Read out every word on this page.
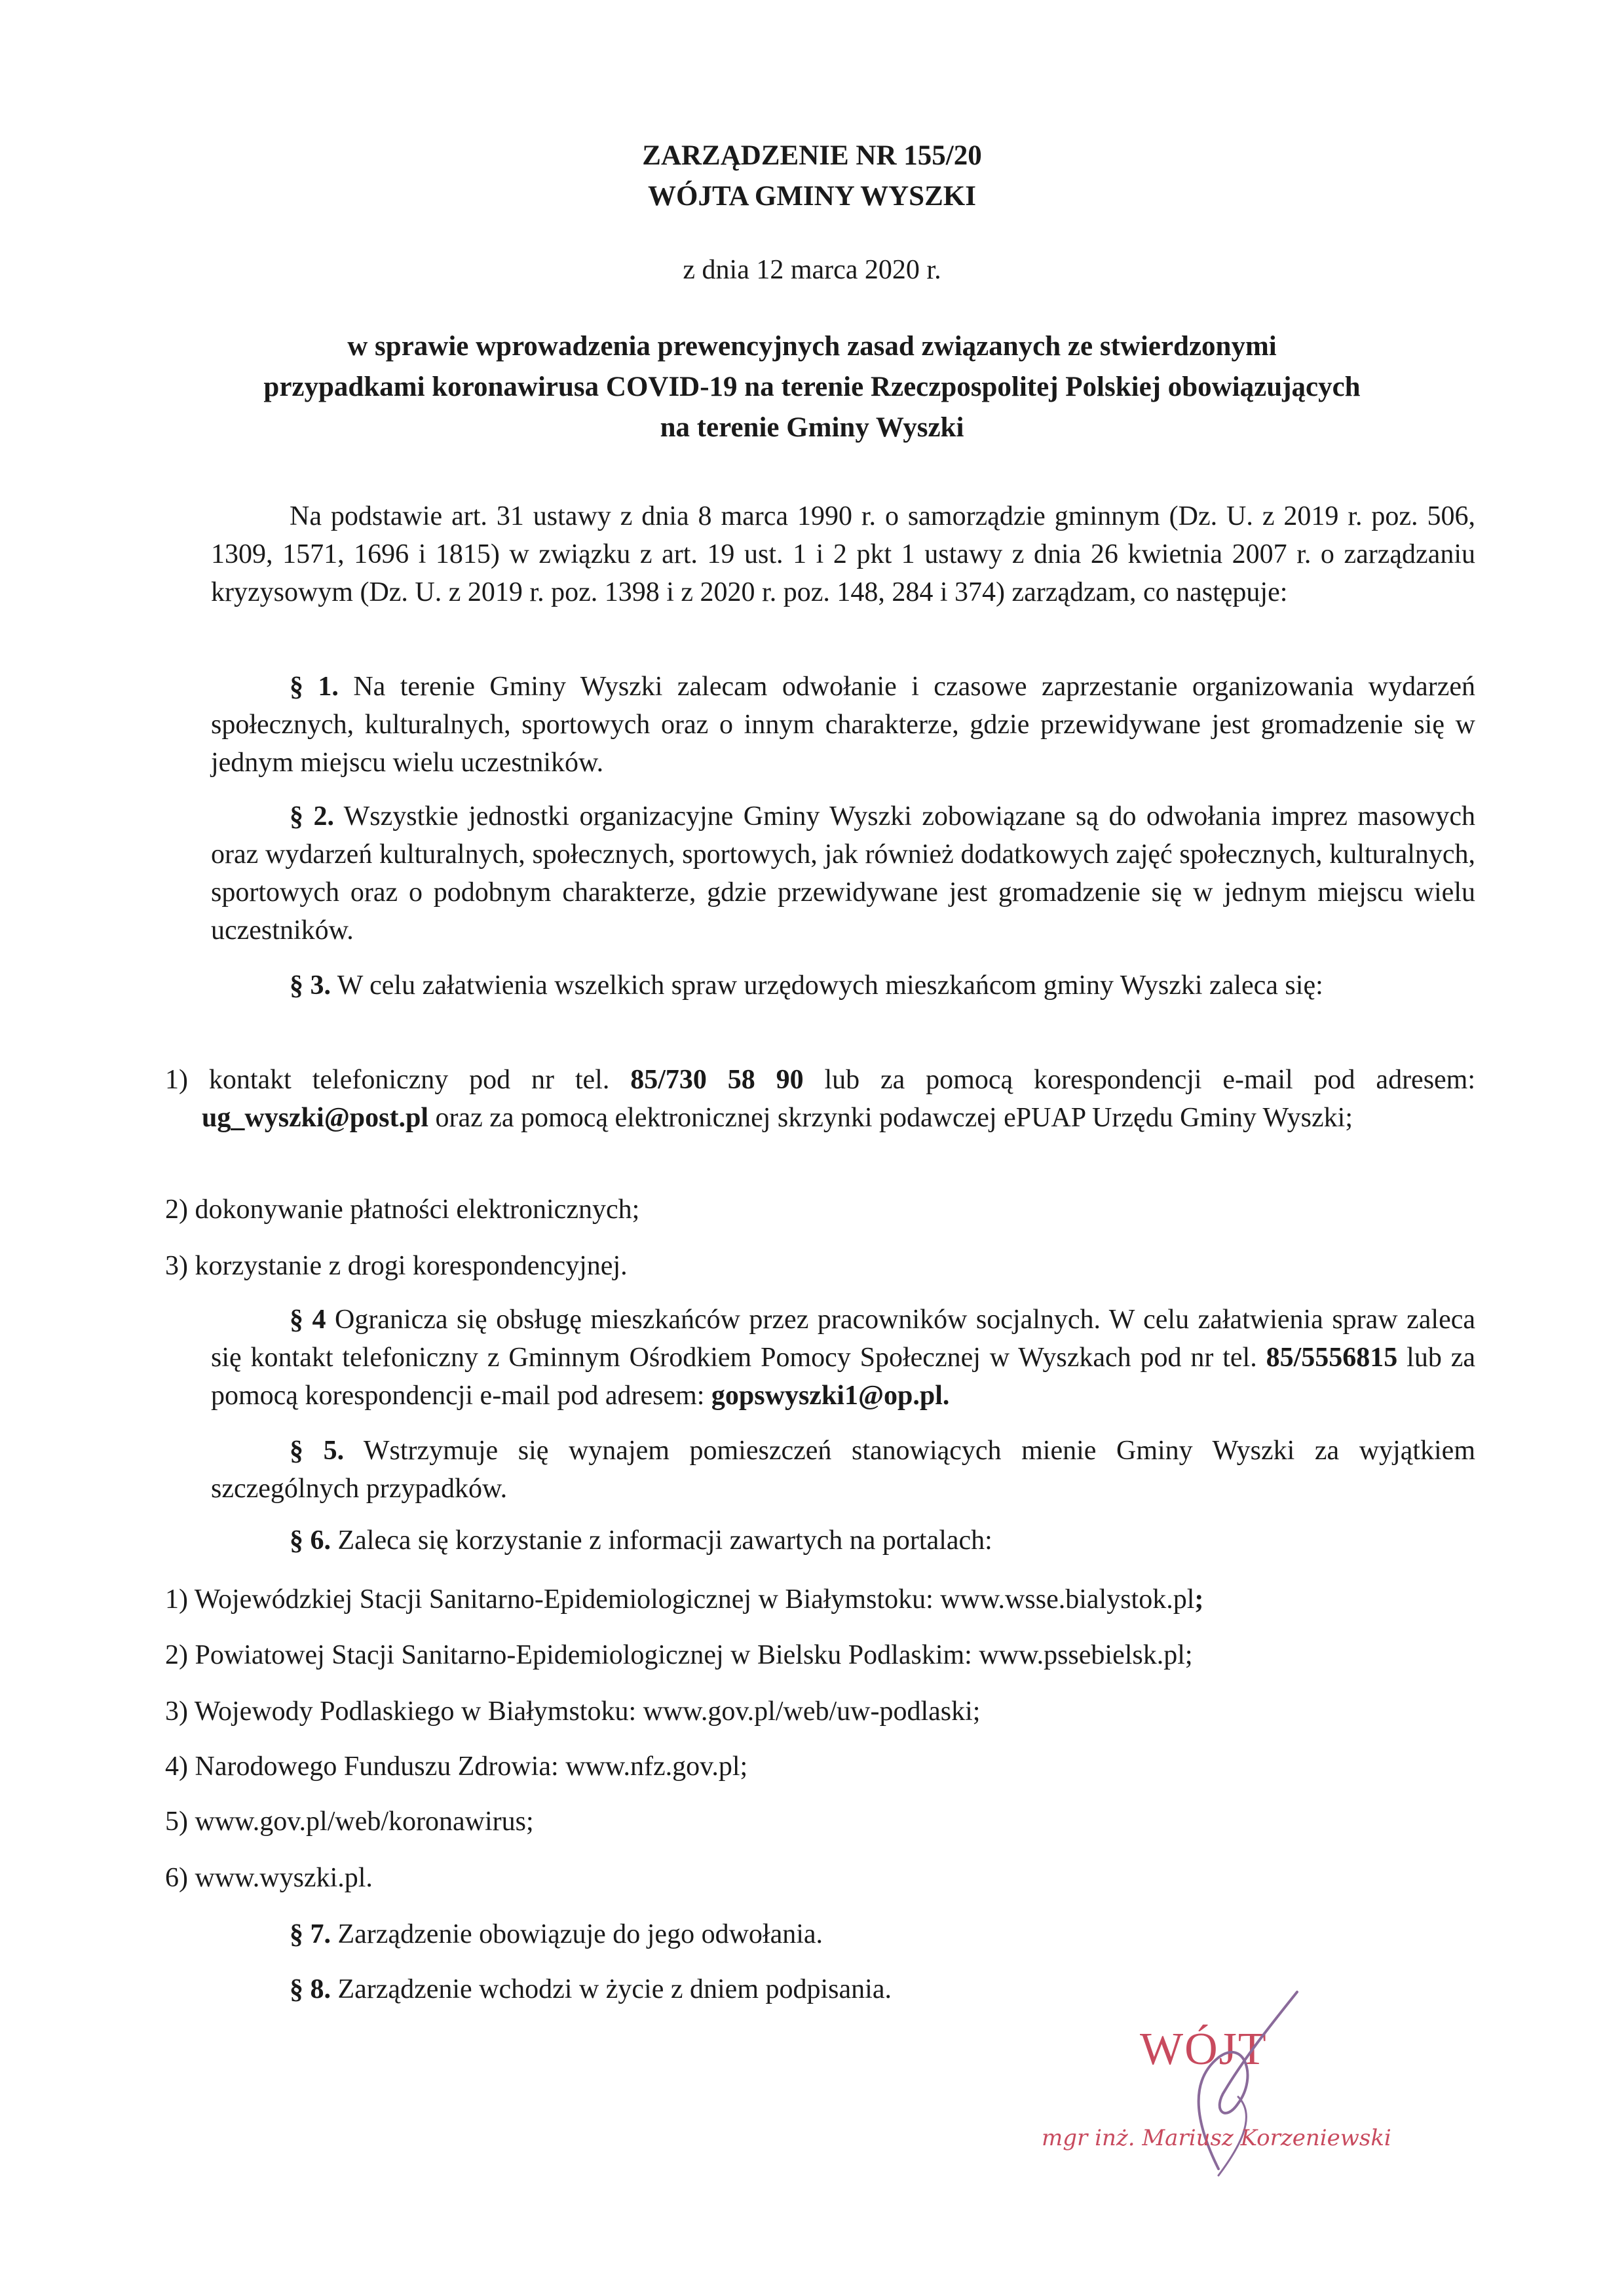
ZARZĄDZENIE NR 155/20
WÓJTA GMINY WYSZKI
z dnia 12 marca 2020 r.
w sprawie wprowadzenia prewencyjnych zasad związanych ze stwierdzonymi
przypadkami koronawirusa COVID-19 na terenie Rzeczpospolitej Polskiej obowiązujących
na terenie Gminy Wyszki
Na podstawie art. 31 ustawy z dnia 8 marca 1990 r. o samorządzie gminnym (Dz. U. z 2019 r. poz. 506, 1309, 1571, 1696 i 1815) w związku z art. 19 ust. 1 i 2 pkt 1 ustawy z dnia 26 kwietnia 2007 r. o zarządzaniu kryzysowym (Dz. U. z 2019 r. poz. 1398 i z 2020 r. poz. 148, 284 i 374) zarządzam, co następuje:
§ 1. Na terenie Gminy Wyszki zalecam odwołanie i czasowe zaprzestanie organizowania wydarzeń społecznych, kulturalnych, sportowych oraz o innym charakterze, gdzie przewidywane jest gromadzenie się w jednym miejscu wielu uczestników.
§ 2. Wszystkie jednostki organizacyjne Gminy Wyszki zobowiązane są do odwołania imprez masowych oraz wydarzeń kulturalnych, społecznych, sportowych, jak również dodatkowych zajęć społecznych, kulturalnych, sportowych oraz o podobnym charakterze, gdzie przewidywane jest gromadzenie się w jednym miejscu wielu uczestników.
§ 3. W celu załatwienia wszelkich spraw urzędowych mieszkańcom gminy Wyszki zaleca się:
1) kontakt telefoniczny pod nr tel. 85/730 58 90 lub za pomocą korespondencji e-mail pod adresem: ug_wyszki@post.pl oraz za pomocą elektronicznej skrzynki podawczej ePUAP Urzędu Gminy Wyszki;
2) dokonywanie płatności elektronicznych;
3) korzystanie z drogi korespondencyjnej.
§ 4 Ogranicza się obsługę mieszkańców przez pracowników socjalnych. W celu załatwienia spraw zaleca się kontakt telefoniczny z Gminnym Ośrodkiem Pomocy Społecznej w Wyszkach pod nr tel. 85/5556815 lub za pomocą korespondencji e-mail pod adresem: gopswyszki1@op.pl.
§ 5. Wstrzymuje się wynajem pomieszczeń stanowiących mienie Gminy Wyszki za wyjątkiem szczególnych przypadków.
§ 6. Zaleca się korzystanie z informacji zawartych na portalach:
1) Wojewódzkiej Stacji Sanitarno-Epidemiologicznej w Białymstoku: www.wsse.bialystok.pl;
2) Powiatowej Stacji Sanitarno-Epidemiologicznej w Bielsku Podlaskim: www.pssebielsk.pl;
3) Wojewody Podlaskiego w Białymstoku: www.gov.pl/web/uw-podlaski;
4) Narodowego Funduszu Zdrowia: www.nfz.gov.pl;
5) www.gov.pl/web/koronawirus;
6) www.wyszki.pl.
§ 7. Zarządzenie obowiązuje do jego odwołania.
§ 8. Zarządzenie wchodzi w życie z dniem podpisania.
WÓJT
mgr inż. Mariusz Korzeniewski
